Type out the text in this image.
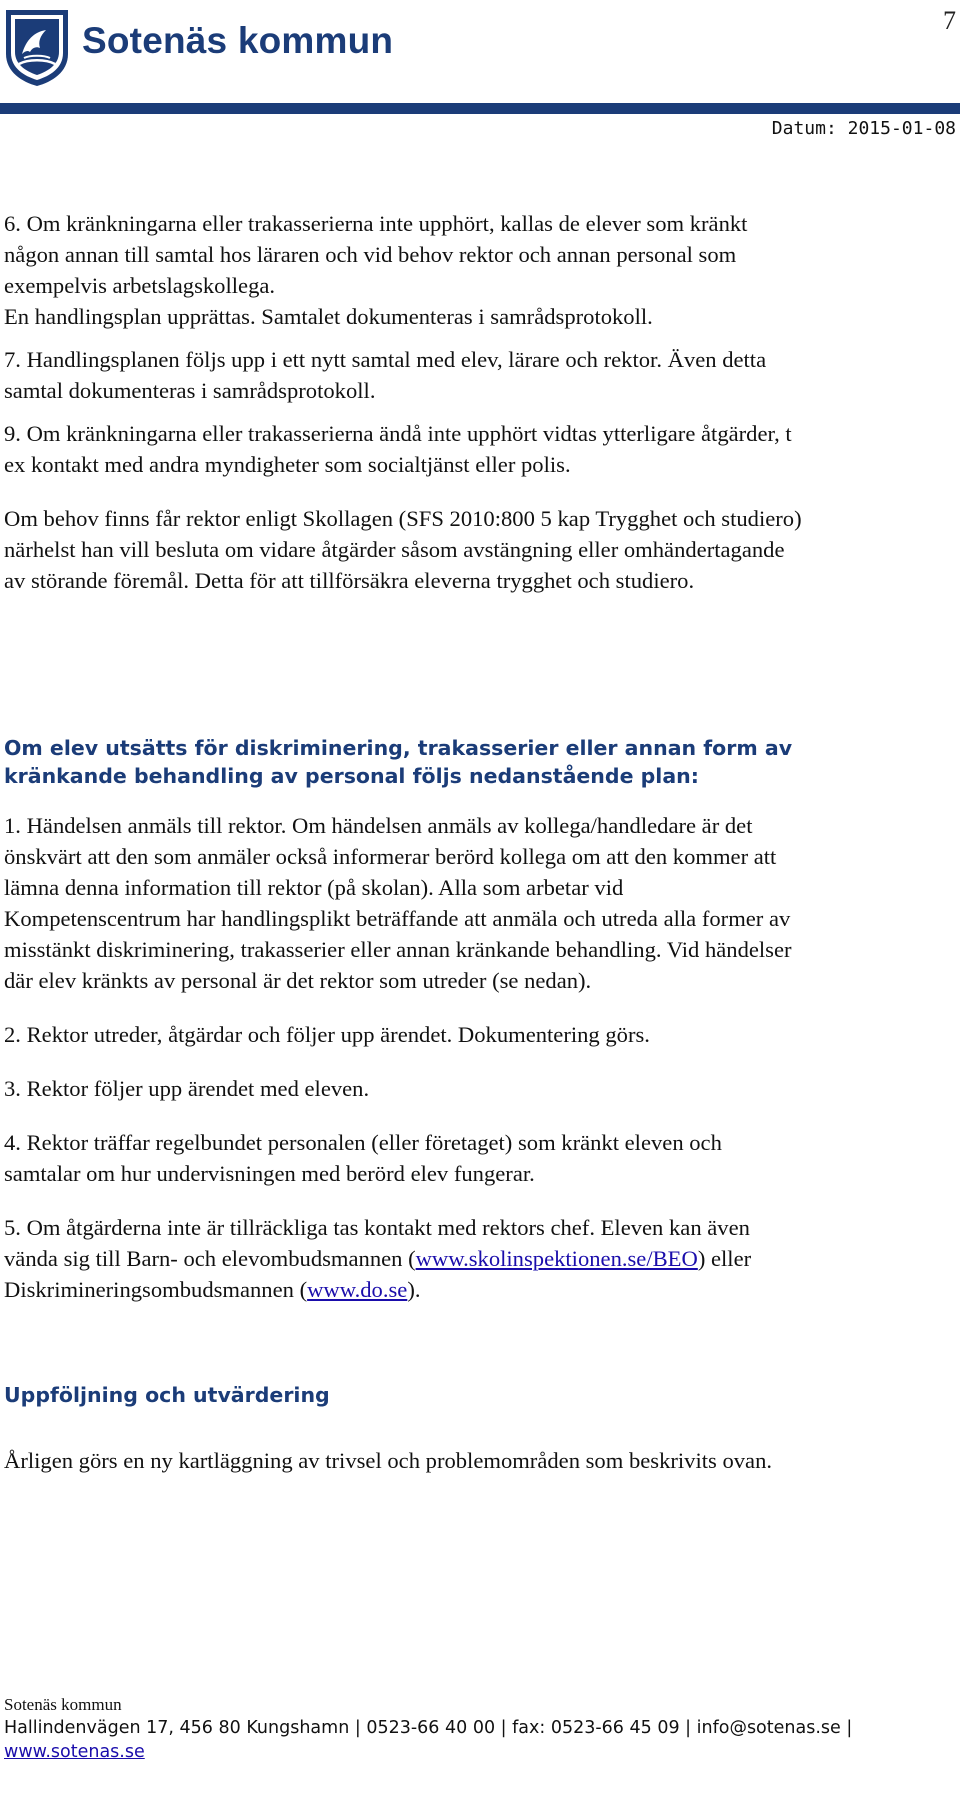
Sotenäs kommun	7
Datum: 2015-01-08

6. Om kränkningarna eller trakasserierna inte upphört, kallas de elever som kränkt

någon annan till samtal hos läraren och vid behov rektor och annan personal som

exempelvis arbetslagskollega.

En handlingsplan upprättas. Samtalet dokumenteras i samrådsprotokoll.

7. Handlingsplanen följs upp i ett nytt samtal med elev, lärare och rektor. Även detta

samtal dokumenteras i samrådsprotokoll.

9. Om kränkningarna eller trakasserierna ändå inte upphört vidtas ytterligare åtgärder, t

ex kontakt med andra myndigheter som socialtjänst eller polis.

Om behov finns får rektor enligt Skollagen (SFS 2010:800 5 kap Trygghet och studiero)

närhelst han vill besluta om vidare åtgärder såsom avstängning eller omhändertagande

av störande föremål. Detta för att tillförsäkra eleverna trygghet och studiero.

Om elev utsätts för diskriminering, trakasserier eller annan form av

kränkande behandling av personal följs nedanstående plan:

1. Händelsen anmäls till rektor. Om händelsen anmäls av kollega/handledare är det

önskvärt att den som anmäler också informerar berörd kollega om att den kommer att

lämna denna information till rektor (på skolan). Alla som arbetar vid

Kompetenscentrum har handlingsplikt beträffande att anmäla och utreda alla former av

misstänkt diskriminering, trakasserier eller annan kränkande behandling. Vid händelser

där elev kränkts av personal är det rektor som utreder (se nedan).

2. Rektor utreder, åtgärdar och följer upp ärendet. Dokumentering görs.

3. Rektor följer upp ärendet med eleven.

4. Rektor träffar regelbundet personalen (eller företaget) som kränkt eleven och

samtalar om hur undervisningen med berörd elev fungerar.

5. Om åtgärderna inte är tillräckliga tas kontakt med rektors chef. Eleven kan även

vända sig till Barn- och elevombudsmannen (www.skolinspektionen.se/BEO) eller

Diskrimineringsombudsmannen (www.do.se).

Uppföljning och utvärdering

Årligen görs en ny kartläggning av trivsel och problemområden som beskrivits ovan.

Sotenäs kommun
Hallindenvägen 17, 456 80 Kungshamn | 0523-66 40 00 | fax: 0523-66 45 09 | info@sotenas.se |
www.sotenas.se
